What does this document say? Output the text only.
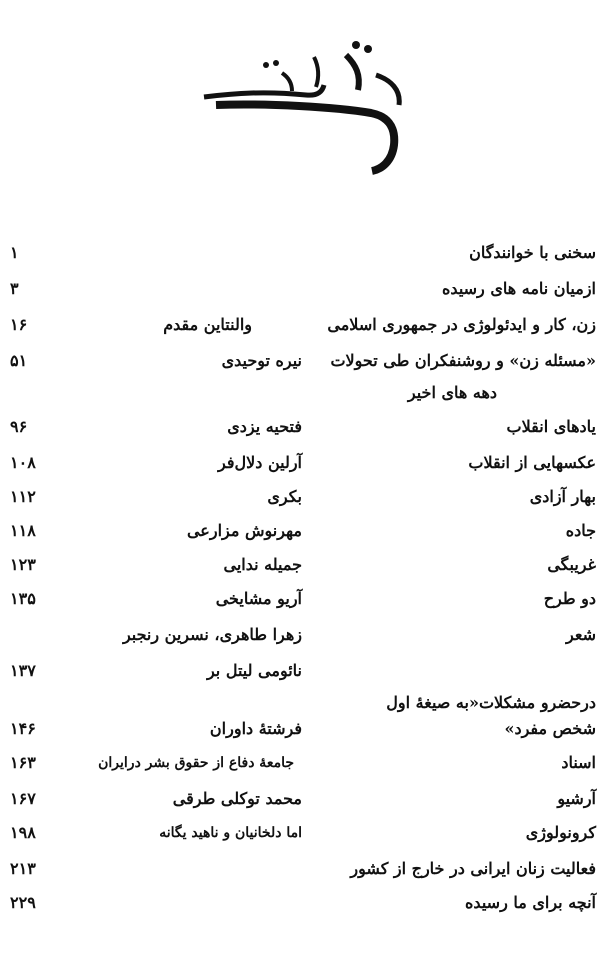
فهرست
سخنی با خوانندگان
۱
ازمیان نامه های رسیده
۳
زن، کار و ایدئولوژی در جمهوری اسلامی
والنتاین مقدم
۱۶
«مسئله زن» و روشنفکران طی تحولات
نیره توحیدی
۵۱
دهه های اخیر
یادهای انقلاب
فتحیه یزدی
۹۶
عکسهایی از انقلاب
آرلین دلال‌فر
۱۰۸
بهار آزادی
بکری
۱۱۲
جاده
مهرنوش مزارعی
۱۱۸
غریبگی
جمیله ندایی
۱۲۳
دو طرح
آریو مشایخی
۱۳۵
شعر
زهرا طاهری، نسرین رنجبر
نائومی لیتل بر
۱۳۷
درحضرو مشکلات«به صیغهٔ اول
شخص مفرد»
فرشتهٔ داوران
۱۴۶
اسناد
جامعهٔ دفاع از حقوق بشر درایران
۱۶۳
آرشیو
محمد توکلی طرقی
۱۶۷
کرونولوژی
اما دلخانیان و ناهید یگانه
۱۹۸
فعالیت زنان ایرانی در خارج از کشور
۲۱۳
آنچه برای ما رسیده
۲۲۹
